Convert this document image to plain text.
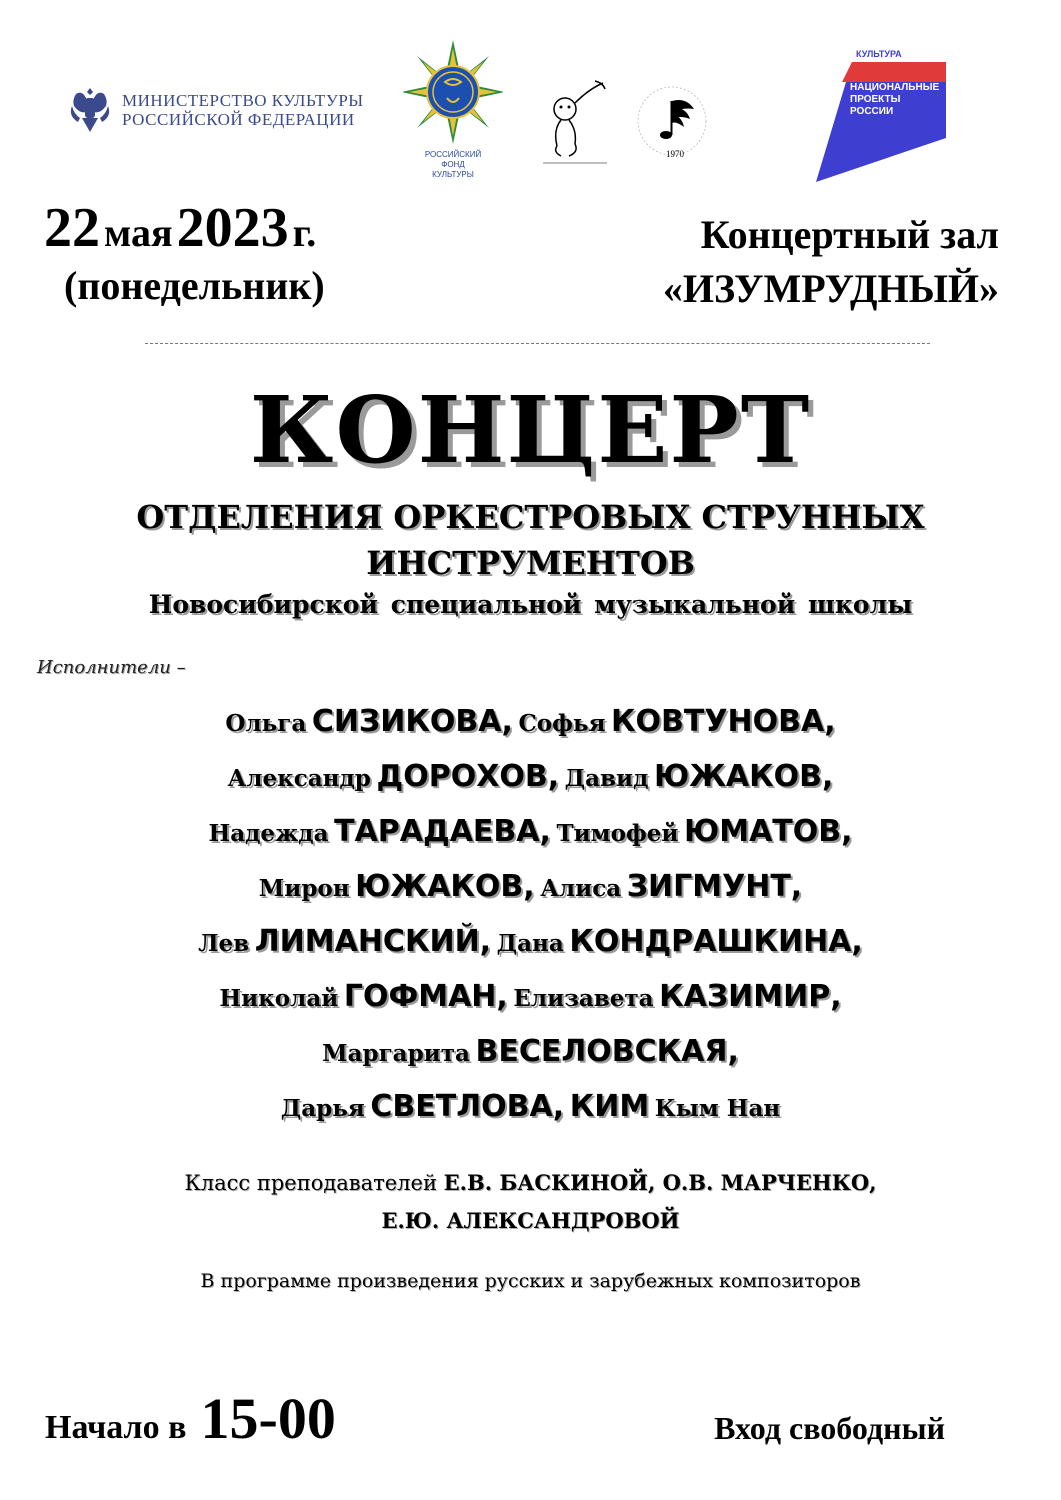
МИНИСТЕРСТВО КУЛЬТУРЫ
РОССИЙСКОЙ ФЕДЕРАЦИИ
РОССИЙСКИЙ
ФОНД
КУЛЬТУРЫ
1970
КУЛЬТУРА
НАЦИОНАЛЬНЫЕ
ПРОЕКТЫ
РОССИИ
22 мая 2023 г.
(понедельник)
Концертный зал
«ИЗУМРУДНЫЙ»
КОНЦЕРТ
ОТДЕЛЕНИЯ ОРКЕСТРОВЫХ СТРУННЫХ
ИНСТРУМЕНТОВ
Новосибирской специальной музыкальной школы
Исполнители –
Ольга СИЗИКОВА, Софья КОВТУНОВА,
Александр ДОРОХОВ, Давид ЮЖАКОВ,
Надежда ТАРАДАЕВА, Тимофей ЮМАТОВ,
Мирон ЮЖАКОВ, Алиса ЗИГМУНТ,
Лев ЛИМАНСКИЙ, Дана КОНДРАШКИНА,
Николай ГОФМАН, Елизавета КАЗИМИР,
Маргарита ВЕСЕЛОВСКАЯ,
Дарья СВЕТЛОВА, КИМ Кым Нан
Класс преподавателей Е.В. БАСКИНОЙ, О.В. МАРЧЕНКО,
Е.Ю. АЛЕКСАНДРОВОЙ
В программе произведения русских и зарубежных композиторов
Начало в 15-00	Вход свободный
